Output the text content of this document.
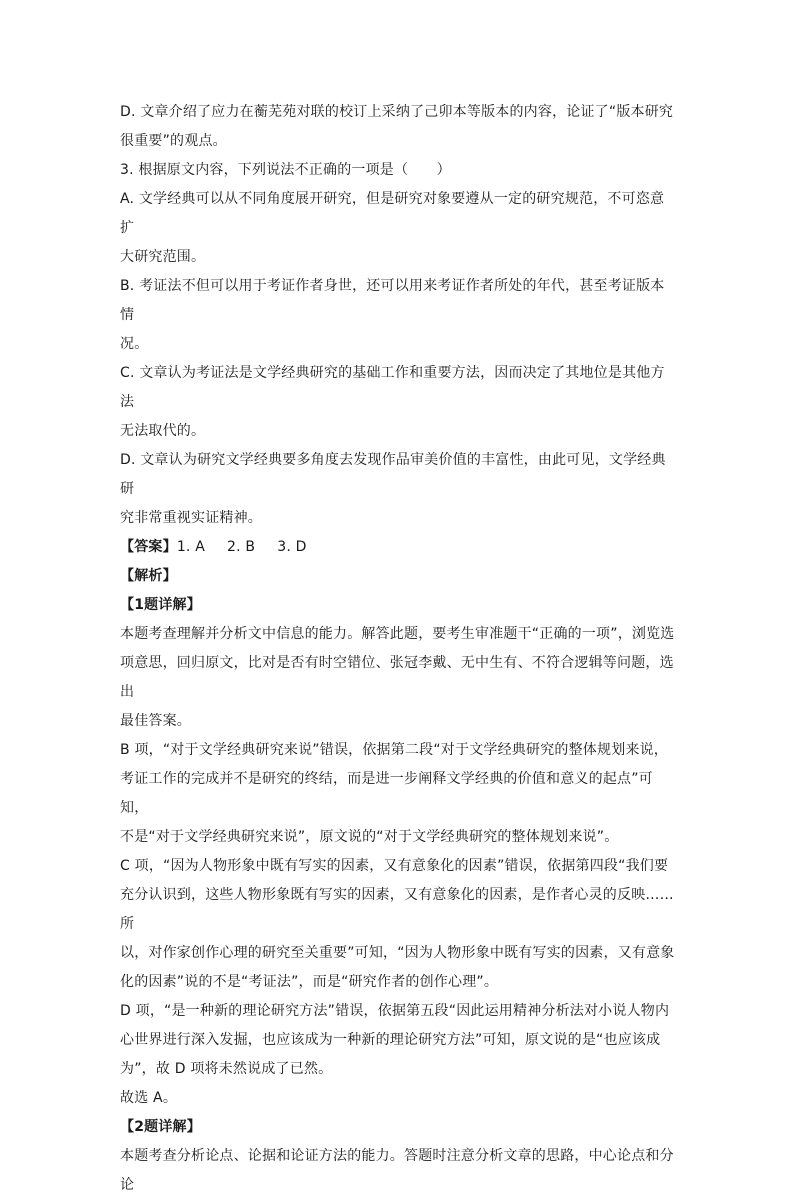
D. 文章介绍了应力在蘅芜苑对联的校订上采纳了己卯本等版本的内容，论证了“版本研究

很重要”的观点。

3. 根据原文内容，下列说法不正确的一项是（　　）

A. 文学经典可以从不同角度展开研究，但是研究对象要遵从一定的研究规范，不可恣意扩

大研究范围。

B. 考证法不但可以用于考证作者身世，还可以用来考证作者所处的年代，甚至考证版本情

况。

C. 文章认为考证法是文学经典研究的基础工作和重要方法，因而决定了其地位是其他方法

无法取代的。

D. 文章认为研究文学经典要多角度去发现作品审美价值的丰富性，由此可见，文学经典研

究非常重视实证精神。

【答案】1. A 2. B 3. D

【解析】

【1题详解】

本题考查理解并分析文中信息的能力。解答此题，要考生审准题干“正确的一项”，浏览选

项意思，回归原文，比对是否有时空错位、张冠李戴、无中生有、不符合逻辑等问题，选出

最佳答案。

B 项，“对于文学经典研究来说”错误，依据第二段“对于文学经典研究的整体规划来说，

考证工作的完成并不是研究的终结，而是进一步阐释文学经典的价值和意义的起点”可知，

不是“对于文学经典研究来说”，原文说的“对于文学经典研究的整体规划来说”。

C 项，“因为人物形象中既有写实的因素，又有意象化的因素”错误，依据第四段“我们要

充分认识到，这些人物形象既有写实的因素，又有意象化的因素，是作者心灵的反映……所

以，对作家创作心理的研究至关重要”可知，“因为人物形象中既有写实的因素，又有意象

化的因素”说的不是“考证法”，而是“研究作者的创作心理”。

D 项，“是一种新的理论研究方法”错误，依据第五段“因此运用精神分析法对小说人物内

心世界进行深入发掘，也应该成为一种新的理论研究方法”可知，原文说的是“也应该成

为”，故 D 项将未然说成了已然。

故选 A。

【2题详解】

本题考查分析论点、论据和论证方法的能力。答题时注意分析文章的思路，中心论点和分论
